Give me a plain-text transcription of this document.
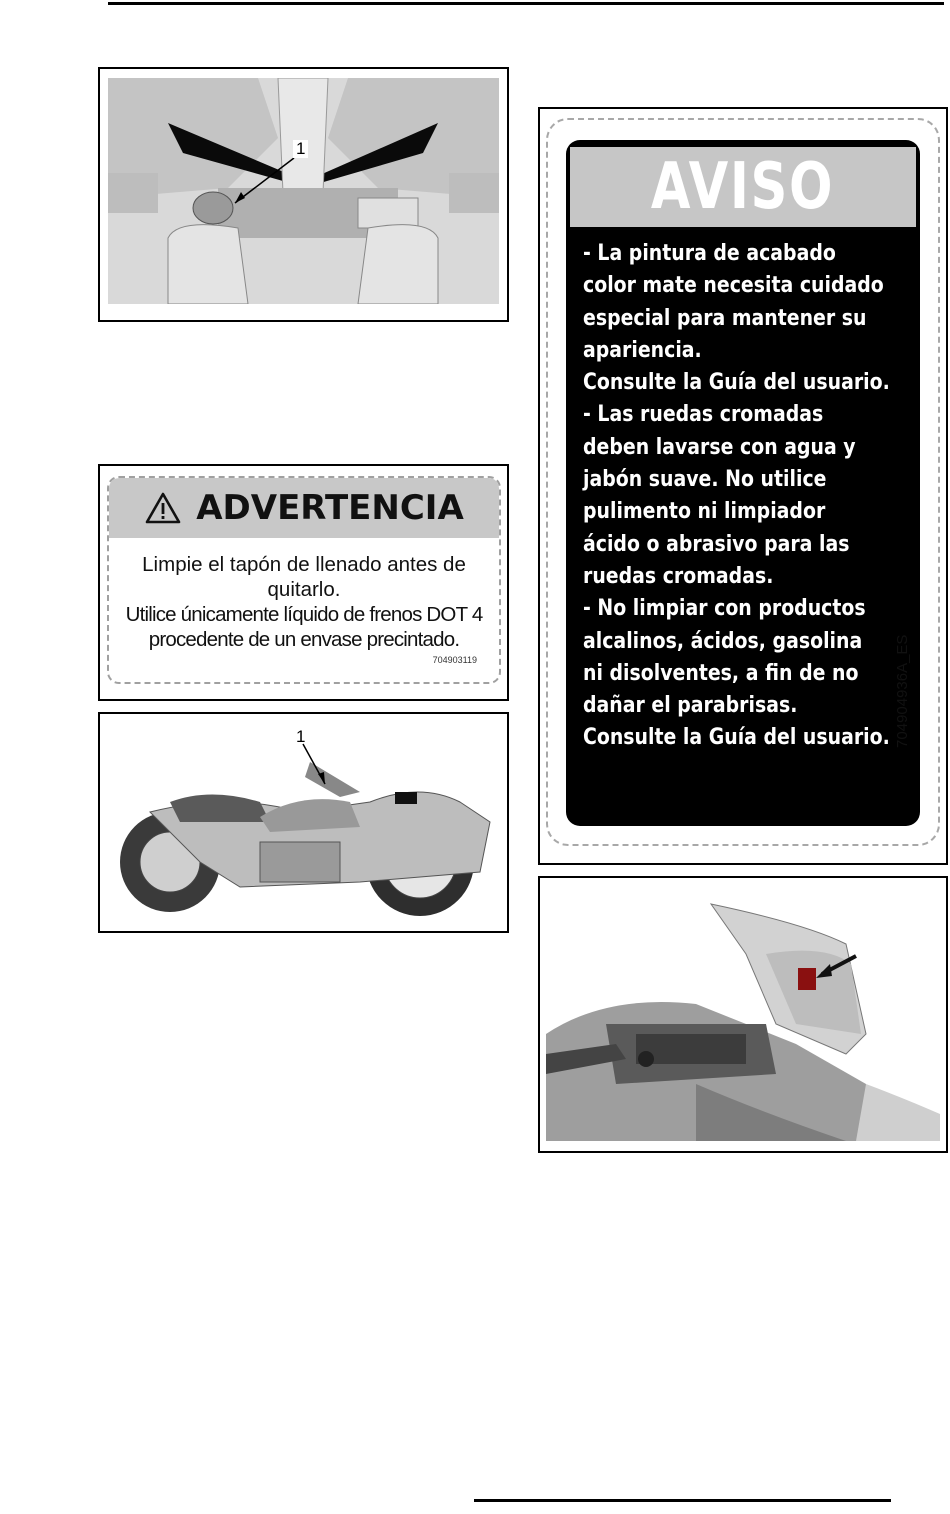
1
ADVERTENCIA

Limpie el tapón de llenado antes de

quitarlo.

Utilice únicamente líquido de frenos DOT 4

procedente de un envase precintado.

704903119
1
AVISO
- La pintura de acabado
color mate necesita cuidado
especial para mantener su
apariencia.
Consulte la Guía del usuario.
- Las ruedas cromadas
deben lavarse con agua y
jabón suave. No utilice
pulimento ni limpiador
ácido o abrasivo para las
ruedas cromadas.
- No limpiar con productos
alcalinos, ácidos, gasolina
ni disolventes, a fin de no
dañar el parabrisas.
Consulte la Guía del usuario. 704904936A_ES
